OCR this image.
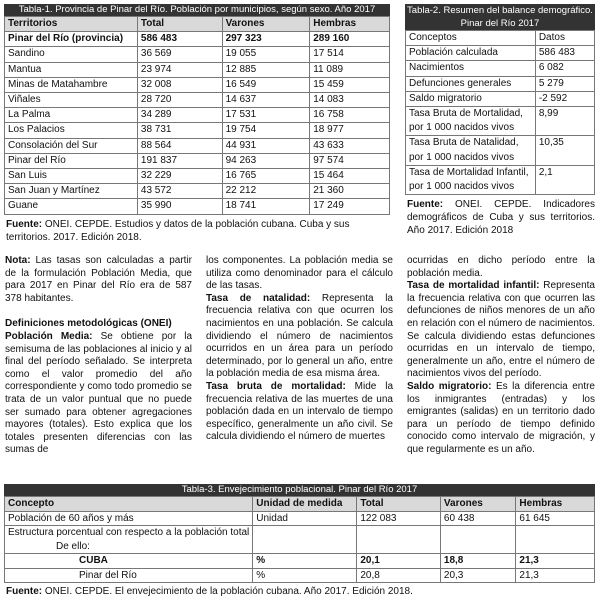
Tabla-1. Provincia de Pinar del Río. Población por municipios, según sexo. Año 2017
Territorios	Total	Varones	Hembras
Pinar del Río (provincia)	586 483	297 323	289 160
Sandino	36 569	19 055	17 514
Mantua	23 974	12 885	11 089
Minas de Matahambre	32 008	16 549	15 459
Viñales	28 720	14 637	14 083
La Palma	34 289	17 531	16 758
Los Palacios	38 731	19 754	18 977
Consolación del Sur	88 564	44 931	43 633
Pinar del Río	191 837	94 263	97 574
San Luis	32 229	16 765	15 464
San Juan y Martínez	43 572	22 212	21 360
Guane	35 990	18 741	17 249
Fuente: ONEI. CEPDE. Estudios y datos de la población cubana. Cuba y sus territorios. 2017. Edición 2018.
Tabla-2. Resumen del balance demográfico.
Pinar del Río 2017
Conceptos	Datos

Población calculada	586 483

Nacimientos	6 082

Defunciones generales	5 279

Saldo migratorio	-2 592

Tasa Bruta de Mortalidad,
por 1 000 nacidos vivos	8,99

Tasa Bruta de Natalidad,
por 1 000 nacidos vivos	10,35

Tasa de Mortalidad Infantil,
por 1 000 nacidos vivos	2,1
Fuente: ONEI. CEPDE. Indicadores demográficos de Cuba y sus territorios. Año 2017. Edición 2018

Nota: Las tasas son calculadas a partir de la formulación Población Media, que para 2017 en Pinar del Río era de 587 378 habitantes.

Definiciones metodológicas (ONEI)

Población Media: Se obtiene por la semisuma de las poblaciones al inicio y al final del período señalado. Se interpreta como el valor promedio del año correspondiente y como todo promedio se trata de un valor puntual que no puede ser sumado para obtener agregaciones mayores (totales). Esto explica que los totales presenten diferencias con las sumas de

los componentes. La población media se utiliza como denominador para el cálculo de las tasas.

Tasa de natalidad: Representa la frecuencia relativa con que ocurren los nacimientos en una población. Se calcula dividiendo el número de nacimientos ocurridos en un área para un período determinado, por lo general un año, entre la población media de esa misma área.

Tasa bruta de mortalidad: Mide la frecuencia relativa de las muertes de una población dada en un intervalo de tiempo específico, generalmente un año civil. Se calcula dividiendo el número de muertes

ocurridas en dicho período entre la población media.

Tasa de mortalidad infantil: Representa la frecuencia relativa con que ocurren las defunciones de niños menores de un año en relación con el número de nacimientos. Se calcula dividiendo estas defunciones ocurridas en un intervalo de tiempo, generalmente un año, entre el número de nacimientos vivos del período.

Saldo migratorio: Es la diferencia entre los inmigrantes (entradas) y los emigrantes (salidas) en un territorio dado para un período de tiempo definido conocido como intervalo de migración, y que regularmente es un año.

Tabla-3. Envejecimiento poblacional. Pinar del Río 2017
Concepto	Unidad de medida	Total	Varones	Hembras
Población de 60 años y más	Unidad	122 083	60 438	61 645

Estructura porcentual con respecto a la población total
De ello:				

CUBA	%	20,1	18,8	21,3
Pinar del Río	%	20,8	20,3	21,3
Fuente: ONEI. CEPDE. El envejecimiento de la población cubana. Año 2017. Edición 2018.
